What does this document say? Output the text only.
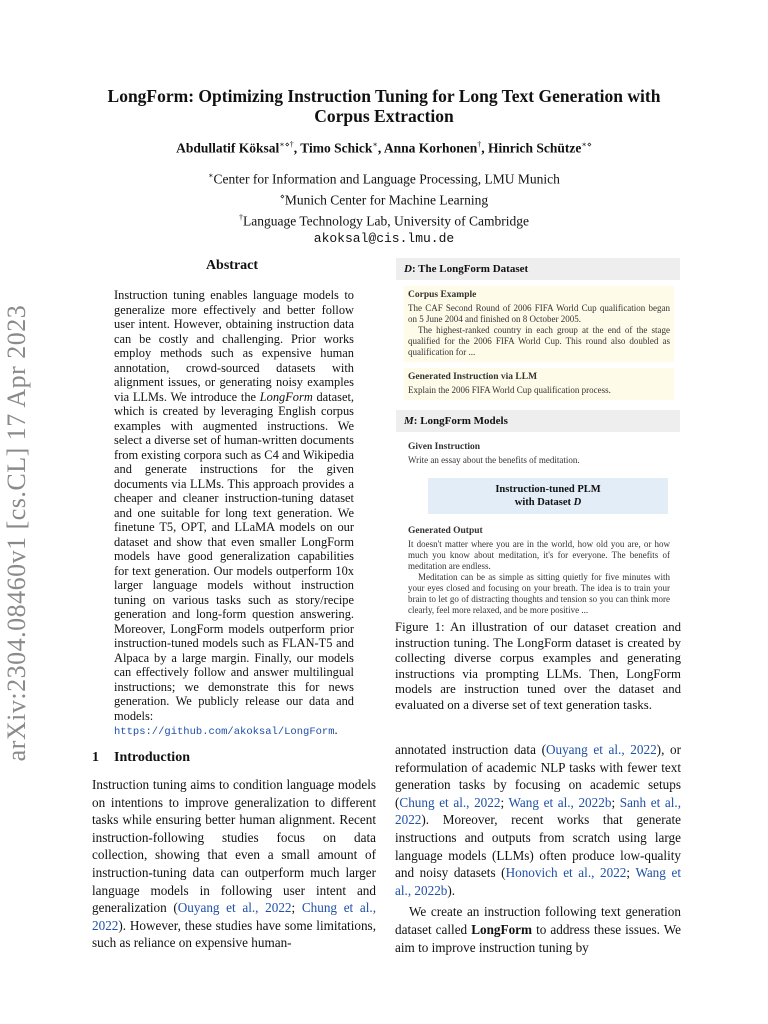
arXiv:2304.08460v1 [cs.CL] 17 Apr 2023
LongForm: Optimizing Instruction Tuning for Long Text Generation with
Corpus Extraction
Abdullatif Köksal∗⋄†, Timo Schick∗, Anna Korhonen†, Hinrich Schütze∗⋄
∗Center for Information and Language Processing, LMU Munich
⋄Munich Center for Machine Learning
†Language Technology Lab, University of Cambridge
akoksal@cis.lmu.de
Abstract
Instruction tuning enables language models to generalize more effectively and better follow user intent. However, obtaining instruction data can be costly and challenging. Prior works employ methods such as expensive human annotation, crowd-sourced datasets with alignment issues, or generating noisy examples via LLMs. We introduce the LongForm dataset, which is created by leveraging English corpus examples with augmented instructions. We select a diverse set of human-written documents from existing corpora such as C4 and Wikipedia and generate instructions for the given documents via LLMs. This approach provides a cheaper and cleaner instruction-tuning dataset and one suitable for long text generation. We finetune T5, OPT, and LLaMA models on our dataset and show that even smaller LongForm models have good generalization capabilities for text generation. Our models outperform 10x larger language models without instruction tuning on various tasks such as story/recipe generation and long-form question answering. Moreover, LongForm models outperform prior instruction-tuned models such as FLAN-T5 and Alpaca by a large margin. Finally, our models can effectively follow and answer multilingual instructions; we demonstrate this for news generation. We publicly release our data and models: https://github.com/akoksal/LongForm.
1 Introduction
Instruction tuning aims to condition language models on intentions to improve generalization to different tasks while ensuring better human alignment. Recent instruction-following studies focus on data collection, showing that even a small amount of instruction-tuning data can outperform much larger language models in following user intent and generalization (Ouyang et al., 2022; Chung et al., 2022). However, these studies have some limitations, such as reliance on expensive human-
D: The LongForm Dataset
Corpus Example
The CAF Second Round of 2006 FIFA World Cup qualification began on 5 June 2004 and finished on 8 October 2005.
The highest-ranked country in each group at the end of the stage qualified for the 2006 FIFA World Cup. This round also doubled as qualification for ...
Generated Instruction via LLM
Explain the 2006 FIFA World Cup qualification process.
M: LongForm Models
Given Instruction
Write an essay about the benefits of meditation.
Instruction-tuned PLM
with Dataset D
Generated Output
It doesn't matter where you are in the world, how old you are, or how much you know about meditation, it's for everyone. The benefits of meditation are endless.
Meditation can be as simple as sitting quietly for five minutes with your eyes closed and focusing on your breath. The idea is to train your brain to let go of distracting thoughts and tension so you can think more clearly, feel more relaxed, and be more positive ...
Figure 1: An illustration of our dataset creation and instruction tuning. The LongForm dataset is created by collecting diverse corpus examples and generating instructions via prompting LLMs. Then, LongForm models are instruction tuned over the dataset and evaluated on a diverse set of text generation tasks.

annotated instruction data (Ouyang et al., 2022), or reformulation of academic NLP tasks with fewer text generation tasks by focusing on academic setups (Chung et al., 2022; Wang et al., 2022b; Sanh et al., 2022). Moreover, recent works that generate instructions and outputs from scratch using large language models (LLMs) often produce low-quality and noisy datasets (Honovich et al., 2022; Wang et al., 2022b).

We create an instruction following text generation dataset called LongForm to address these issues. We aim to improve instruction tuning by
